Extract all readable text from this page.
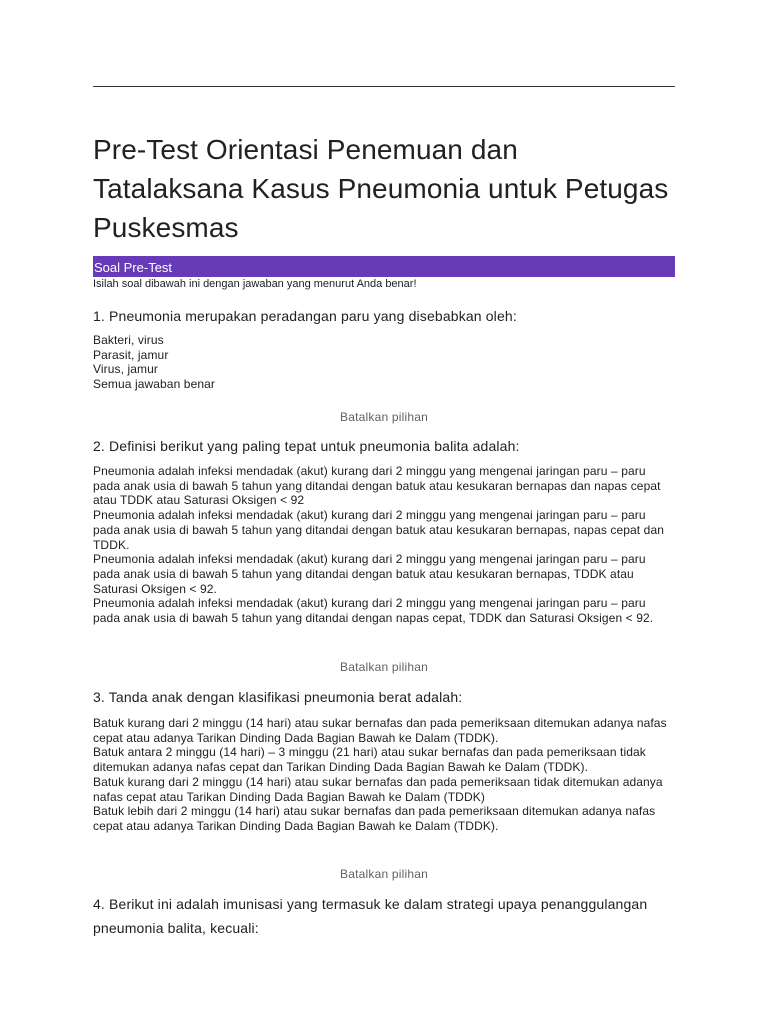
Pre-Test Orientasi Penemuan dan Tatalaksana Kasus Pneumonia untuk Petugas Puskesmas
Soal Pre-Test
Isilah soal dibawah ini dengan jawaban yang menurut Anda benar!
1. Pneumonia merupakan peradangan paru yang disebabkan oleh:
Bakteri, virus
Parasit, jamur
Virus, jamur
Semua jawaban benar
Batalkan pilihan
2. Definisi berikut yang paling tepat untuk pneumonia balita adalah:
Pneumonia adalah infeksi mendadak (akut) kurang dari 2 minggu yang mengenai jaringan paru – paru pada anak usia di bawah 5 tahun yang ditandai dengan batuk atau kesukaran bernapas dan napas cepat atau TDDK atau Saturasi Oksigen < 92
Pneumonia adalah infeksi mendadak (akut) kurang dari 2 minggu yang mengenai jaringan paru – paru pada anak usia di bawah 5 tahun yang ditandai dengan batuk atau kesukaran bernapas, napas cepat dan TDDK.
Pneumonia adalah infeksi mendadak (akut) kurang dari 2 minggu yang mengenai jaringan paru – paru pada anak usia di bawah 5 tahun yang ditandai dengan batuk atau kesukaran bernapas, TDDK atau Saturasi Oksigen < 92.
Pneumonia adalah infeksi mendadak (akut) kurang dari 2 minggu yang mengenai jaringan paru – paru pada anak usia di bawah 5 tahun yang ditandai dengan napas cepat, TDDK dan Saturasi Oksigen < 92.
Batalkan pilihan
3. Tanda anak dengan klasifikasi pneumonia berat adalah:
Batuk kurang dari 2 minggu (14 hari) atau sukar bernafas dan pada pemeriksaan ditemukan adanya nafas cepat atau adanya Tarikan Dinding Dada Bagian Bawah ke Dalam (TDDK).
Batuk antara 2 minggu (14 hari) – 3 minggu (21 hari) atau sukar bernafas dan pada pemeriksaan tidak ditemukan adanya nafas cepat dan Tarikan Dinding Dada Bagian Bawah ke Dalam (TDDK).
Batuk kurang dari 2 minggu (14 hari) atau sukar bernafas dan pada pemeriksaan tidak ditemukan adanya nafas cepat atau Tarikan Dinding Dada Bagian Bawah ke Dalam (TDDK)
Batuk lebih dari 2 minggu (14 hari) atau sukar bernafas dan pada pemeriksaan ditemukan adanya nafas cepat atau adanya Tarikan Dinding Dada Bagian Bawah ke Dalam (TDDK).
Batalkan pilihan
4. Berikut ini adalah imunisasi yang termasuk ke dalam strategi upaya penanggulangan pneumonia balita, kecuali:
